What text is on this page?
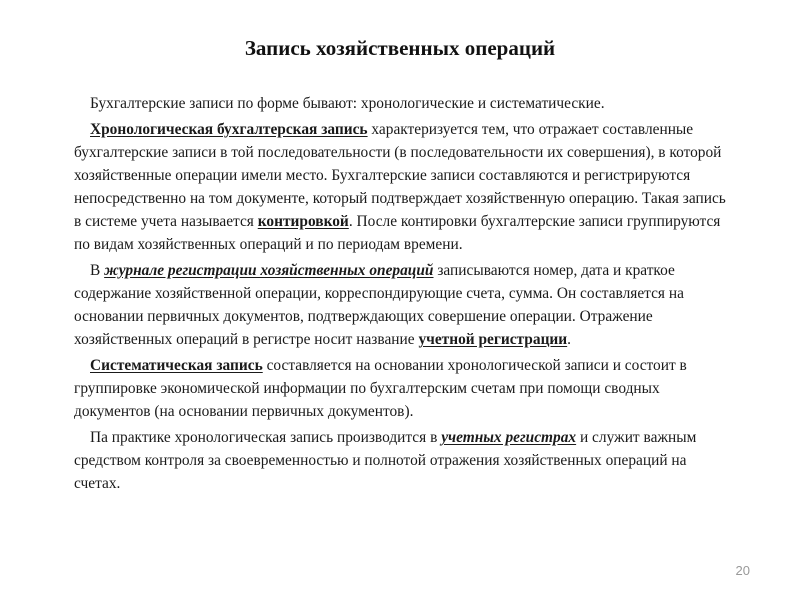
Запись хозяйственных операций

Бухгалтерские записи по форме бывают: хронологические и систематические.

Хронологическая бухгалтерская запись характеризуется тем, что отражает составленные бухгалтерские записи в той последовательности (в последовательности их совершения), в которой хозяйственные операции имели место. Бухгалтерские записи составляются и регистрируются непосредственно на том документе, который подтверждает хозяйственную операцию. Такая запись в системе учета называется контировкой. После контировки бухгалтерские записи группируются по видам хозяйственных операций и по периодам времени.

В журнале регистрации хозяйственных операций записываются номер, дата и краткое содержание хозяйственной операции, корреспондирующие счета, сумма. Он составляется на основании первичных документов, подтверждающих совершение операции. Отражение хозяйственных операций в регистре носит название учетной регистрации.

Систематическая запись составляется на основании хронологической записи и состоит в группировке экономической информации по бухгалтерским счетам при помощи сводных документов (на основании первичных документов).

Па практике хронологическая запись производится в учетных регистрах и служит важным средством контроля за своевременностью и полнотой отражения хозяйственных операций на счетах.

20
